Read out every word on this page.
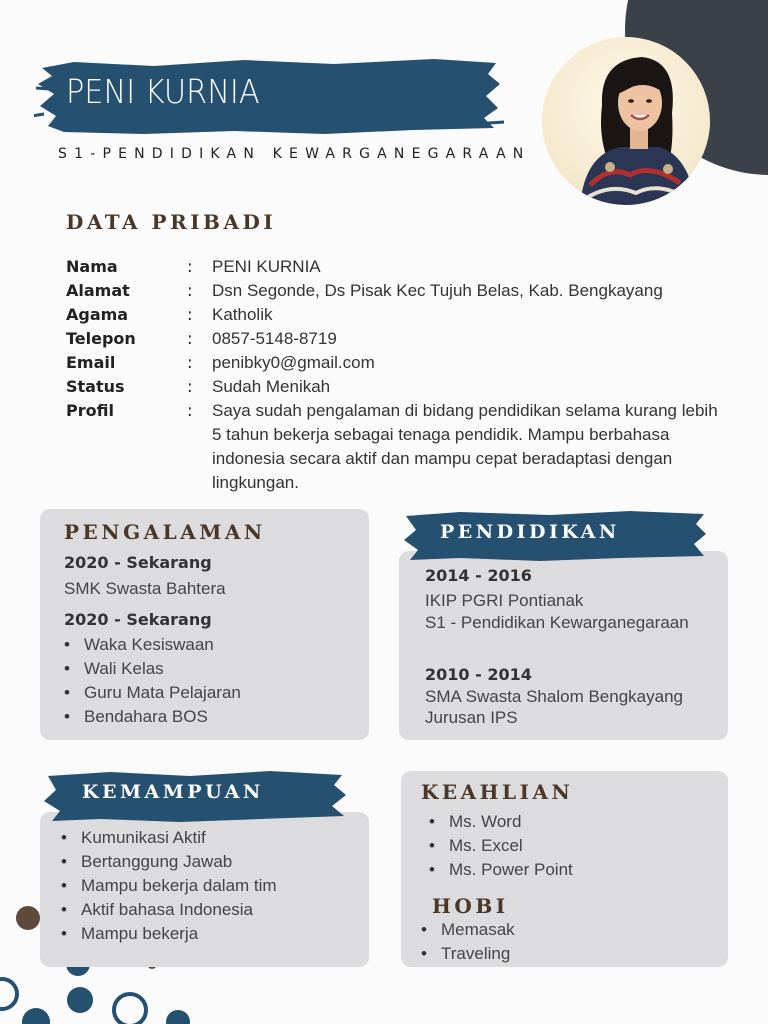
PENI KURNIA
S1-PENDIDIKAN KEWARGANEGARAAN
DATA PRIBADI
Nama	: PENI KURNIA
Alamat	: Dsn Segonde, Ds Pisak Kec Tujuh Belas, Kab. Bengkayang
Agama	: Katholik
Telepon	: 0857-5148-8719
Email	: penibky0@gmail.com
Status	: Sudah Menikah
Profil	: Saya sudah pengalaman di bidang pendidikan selama kurang lebih 5 tahun bekerja sebagai tenaga pendidik. Mampu berbahasa indonesia secara aktif dan mampu cepat beradaptasi dengan lingkungan.
PENGALAMAN
2020 - Sekarang
SMK Swasta Bahtera
2020 - Sekarang
• Waka Kesiswaan
• Wali Kelas
• Guru Mata Pelajaran
• Bendahara BOS
PENDIDIKAN
2014 - 2016
IKIP PGRI Pontianak
S1 - Pendidikan Kewarganegaraan
2010 - 2014
SMA Swasta Shalom Bengkayang
Jurusan IPS
KEMAMPUAN
• Kumunikasi Aktif
• Bertanggung Jawab
• Mampu bekerja dalam tim
• Aktif bahasa Indonesia
• Mampu bekerja
KEAHLIAN
• Ms. Word
• Ms. Excel
• Ms. Power Point
HOBI
• Memasak
• Traveling
